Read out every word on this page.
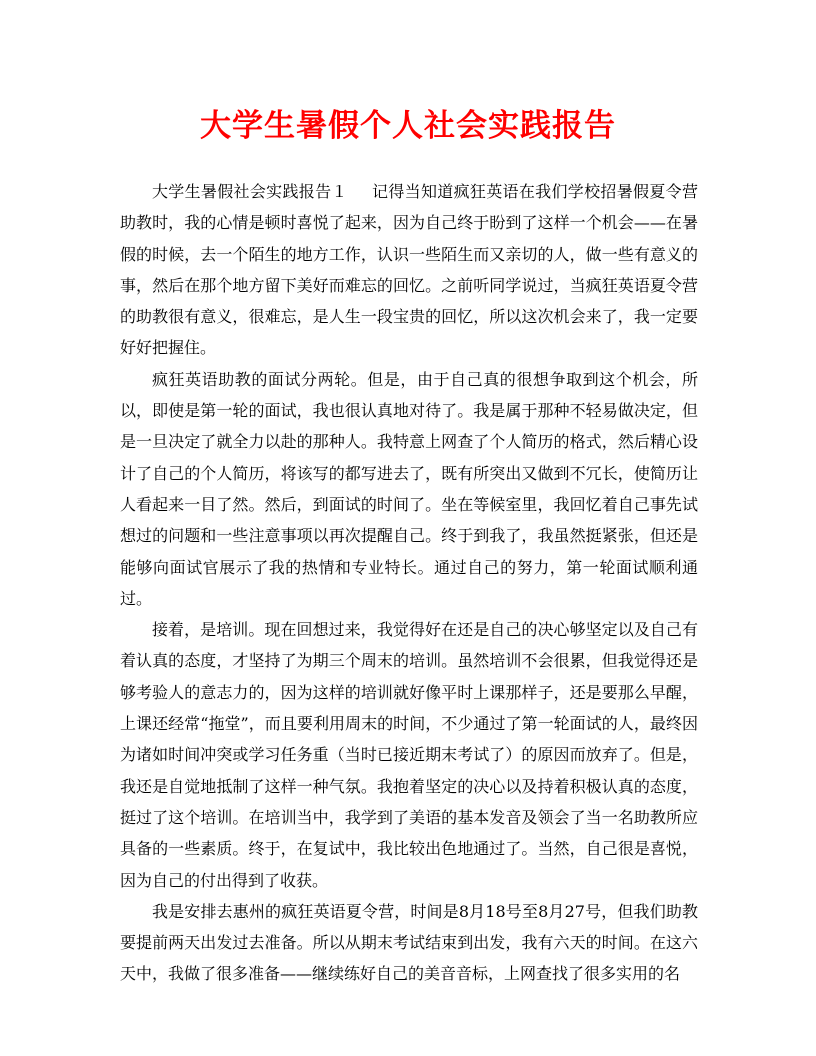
大学生暑假个人社会实践报告

大学生暑假社会实践报告１ 记得当知道疯狂英语在我们学校招暑假夏令营助教时，我的心情是顿时喜悦了起来，因为自己终于盼到了这样一个机会——在暑假的时候，去一个陌生的地方工作，认识一些陌生而又亲切的人，做一些有意义的事，然后在那个地方留下美好而难忘的回忆。之前听同学说过，当疯狂英语夏令营的助教很有意义，很难忘，是人生一段宝贵的回忆，所以这次机会来了，我一定要好好把握住。

疯狂英语助教的面试分两轮。但是，由于自己真的很想争取到这个机会，所以，即使是第一轮的面试，我也很认真地对待了。我是属于那种不轻易做决定，但是一旦决定了就全力以赴的那种人。我特意上网查了个人简历的格式，然后精心设计了自己的个人简历，将该写的都写进去了，既有所突出又做到不冗长，使简历让人看起来一目了然。然后，到面试的时间了。坐在等候室里，我回忆着自己事先试想过的问题和一些注意事项以再次提醒自己。终于到我了，我虽然挺紧张，但还是能够向面试官展示了我的热情和专业特长。通过自己的努力，第一轮面试顺利通过。

接着，是培训。现在回想过来，我觉得好在还是自己的决心够坚定以及自己有着认真的态度，才坚持了为期三个周末的培训。虽然培训不会很累，但我觉得还是够考验人的意志力的，因为这样的培训就好像平时上课那样子，还是要那么早醒，上课还经常“拖堂”，而且要利用周末的时间，不少通过了第一轮面试的人，最终因为诸如时间冲突或学习任务重（当时已接近期末考试了）的原因而放弃了。但是，我还是自觉地抵制了这样一种气氛。我抱着坚定的决心以及持着积极认真的态度，挺过了这个培训。在培训当中，我学到了美语的基本发音及领会了当一名助教所应具备的一些素质。终于，在复试中，我比较出色地通过了。当然，自己很是喜悦，因为自己的付出得到了收获。

我是安排去惠州的疯狂英语夏令营，时间是8月18号至8月27号，但我们助教要提前两天出发过去准备。所以从期末考试结束到出发，我有六天的时间。在这六天中，我做了很多准备——继续练好自己的美音音标，上网查找了很多实用的名
